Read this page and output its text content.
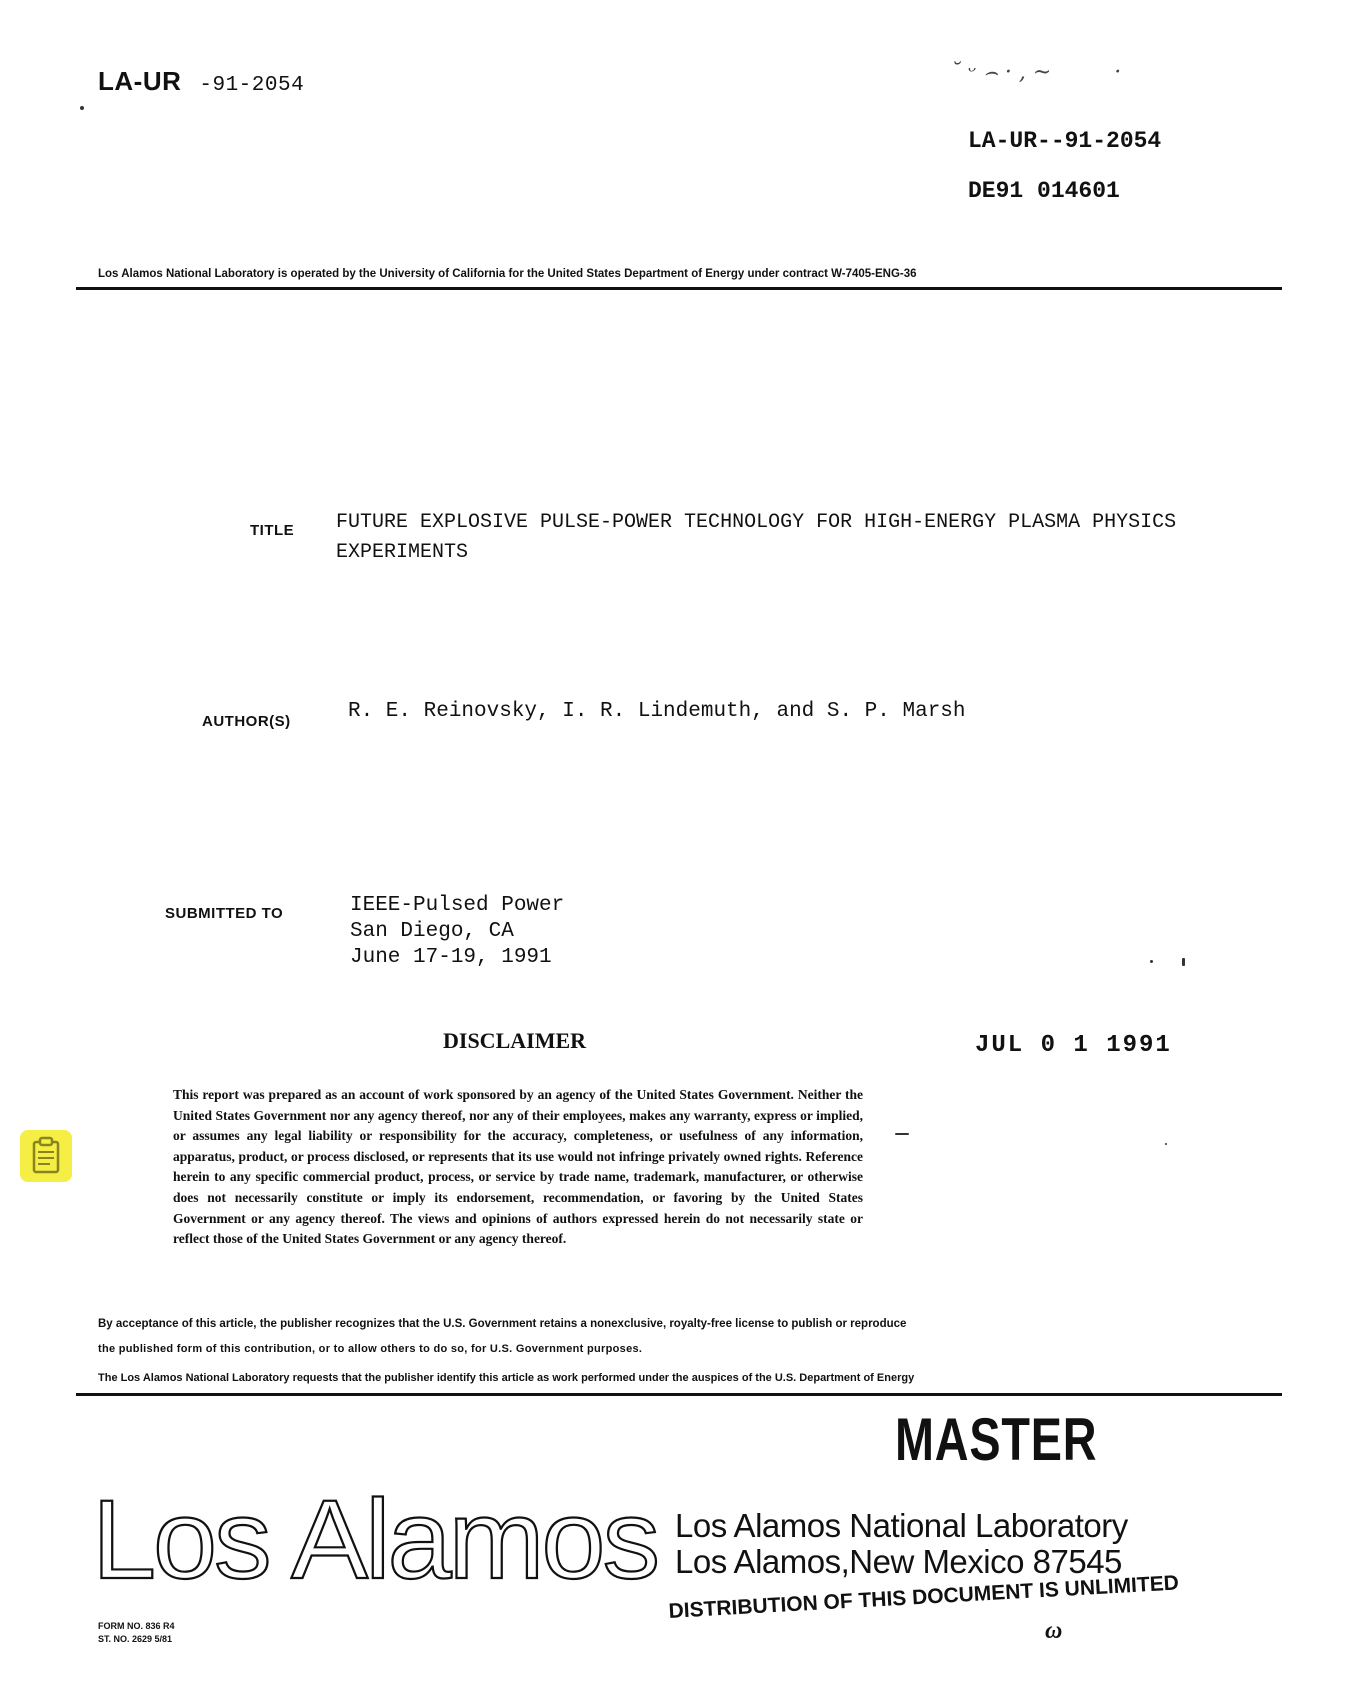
LA-UR -91-2054
˘ ᵕ ⌢ · , ~         ·
LA-UR--91-2054
DE91 014601
Los Alamos National Laboratory is operated by the University of California for the United States Department of Energy under contract W-7405-ENG-36
TITLE FUTURE EXPLOSIVE PULSE-POWER TECHNOLOGY FOR HIGH-ENERGY PLASMA PHYSICS EXPERIMENTS
AUTHOR(S)	R. E. Reinovsky, I. R. Lindemuth, and S. P. Marsh
SUBMITTED TO	IEEE-Pulsed Power
San Diego, CA
June 17-19, 1991
DISCLAIMER	JUL 0 1 1991
This report was prepared as an account of work sponsored by an agency of the United States Government. Neither the United States Government nor any agency thereof, nor any of their employees, makes any warranty, express or implied, or assumes any legal liability or responsibility for the accuracy, completeness, or usefulness of any information, apparatus, product, or process disclosed, or represents that its use would not infringe privately owned rights. Reference herein to any specific commercial product, process, or service by trade name, trademark, manufacturer, or otherwise does not necessarily constitute or imply its endorsement, recommendation, or favoring by the United States Government or any agency thereof. The views and opinions of authors expressed herein do not necessarily state or reflect those of the United States Government or any agency thereof.
By acceptance of this article, the publisher recognizes that the U.S. Government retains a nonexclusive, royalty-free license to publish or reproduce
the published form of this contribution, or to allow others to do so, for U.S. Government purposes.
The Los Alamos National Laboratory requests that the publisher identify this article as work performed under the auspices of the U.S. Department of Energy
MASTER
Los Alamos Los Alamos National Laboratory
Los Alamos,New Mexico 87545
DISTRIBUTION OF THIS DOCUMENT IS UNLIMITED
FORM NO. 836 R4
ST. NO. 2629 5/81	ω
